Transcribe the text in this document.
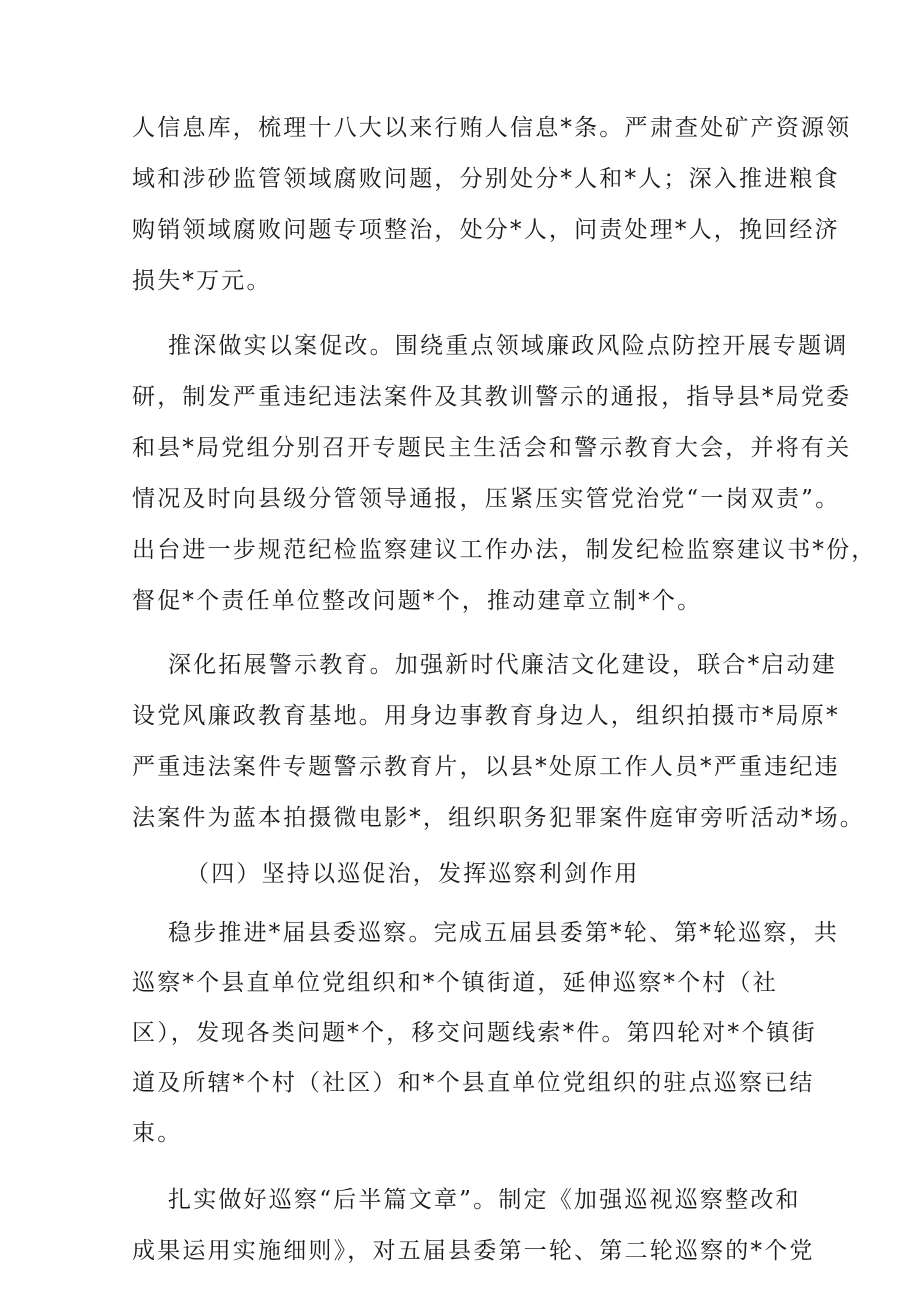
人信息库，梳理十八大以来行贿人信息*条。严肃查处矿产资源领
域和涉砂监管领域腐败问题，分别处分*人和*人；深入推进粮食
购销领域腐败问题专项整治，处分*人，问责处理*人，挽回经济
损失*万元。
推深做实以案促改。围绕重点领域廉政风险点防控开展专题调
研，制发严重违纪违法案件及其教训警示的通报，指导县*局党委
和县*局党组分别召开专题民主生活会和警示教育大会，并将有关
情况及时向县级分管领导通报，压紧压实管党治党“一岗双责”。
出台进一步规范纪检监察建议工作办法，制发纪检监察建议书*份，
督促*个责任单位整改问题*个，推动建章立制*个。
深化拓展警示教育。加强新时代廉洁文化建设，联合*启动建
设党风廉政教育基地。用身边事教育身边人，组织拍摄市*局原*
严重违法案件专题警示教育片，以县*处原工作人员*严重违纪违
法案件为蓝本拍摄微电影*，组织职务犯罪案件庭审旁听活动*场。
（四）坚持以巡促治，发挥巡察利剑作用
稳步推进*届县委巡察。完成五届县委第*轮、第*轮巡察，共
巡察*个县直单位党组织和*个镇街道，延伸巡察*个村（社
区），发现各类问题*个，移交问题线索*件。第四轮对*个镇街
道及所辖*个村（社区）和*个县直单位党组织的驻点巡察已结
束。
扎实做好巡察“后半篇文章”。制定《加强巡视巡察整改和
成果运用实施细则》，对五届县委第一轮、第二轮巡察的*个党
